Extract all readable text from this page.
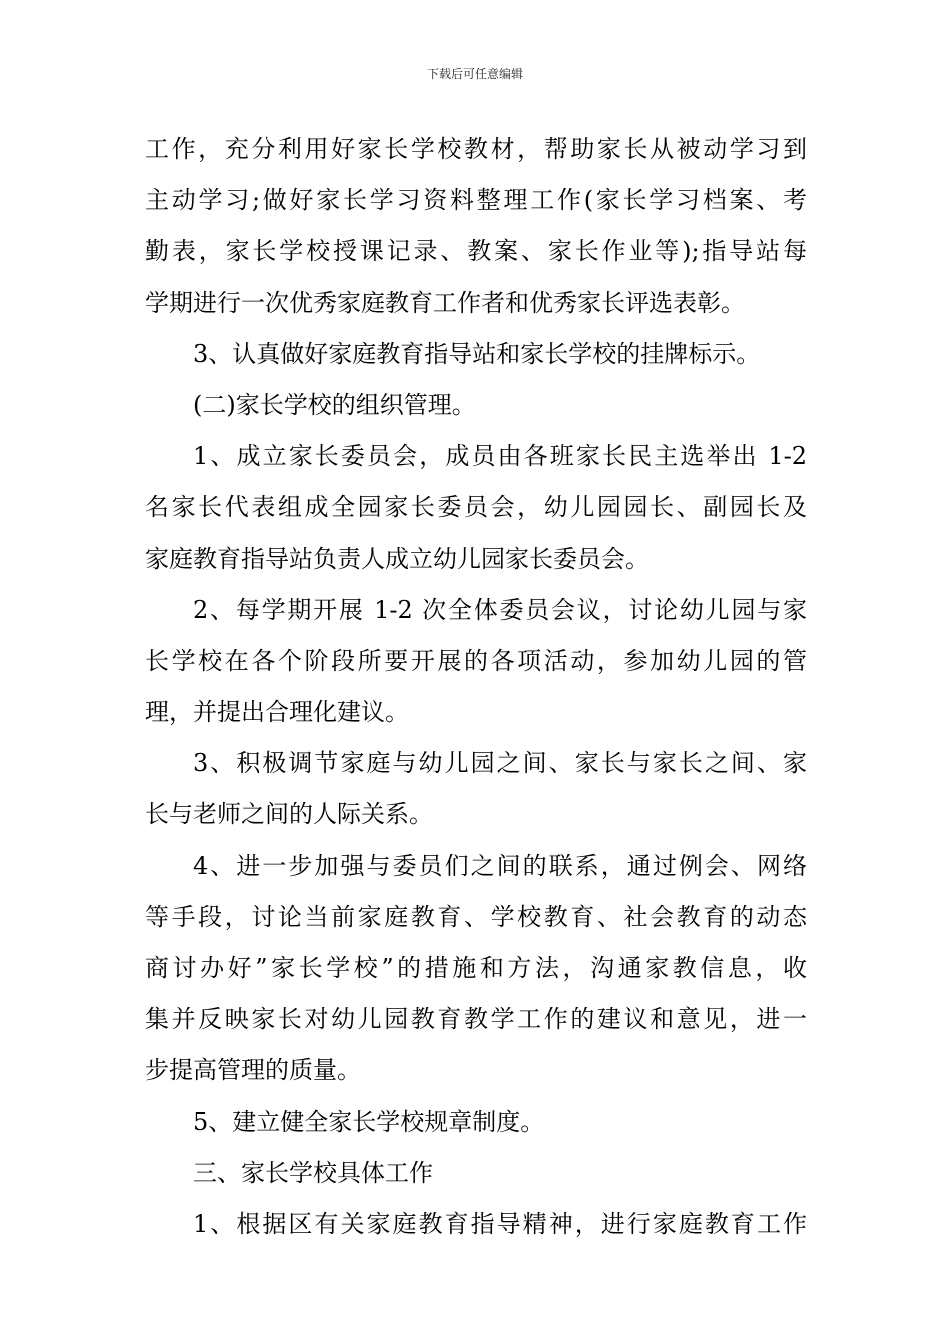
下载后可任意编辑
工作，充分利用好家长学校教材，帮助家长从被动学习到
主动学习;做好家长学习资料整理工作(家长学习档案、考
勤表，家长学校授课记录、教案、家长作业等);指导站每
学期进行一次优秀家庭教育工作者和优秀家长评选表彰。
3、认真做好家庭教育指导站和家长学校的挂牌标示。
(二)家长学校的组织管理。
1、成立家长委员会，成员由各班家长民主选举出 1-2
名家长代表组成全园家长委员会，幼儿园园长、副园长及
家庭教育指导站负责人成立幼儿园家长委员会。
2、每学期开展 1-2 次全体委员会议，讨论幼儿园与家
长学校在各个阶段所要开展的各项活动，参加幼儿园的管
理，并提出合理化建议。
3、积极调节家庭与幼儿园之间、家长与家长之间、家
长与老师之间的人际关系。
4、进一步加强与委员们之间的联系，通过例会、网络
等手段，讨论当前家庭教育、学校教育、社会教育的动态
商讨办好”家长学校”的措施和方法，沟通家教信息，收
集并反映家长对幼儿园教育教学工作的建议和意见，进一
步提高管理的质量。
5、建立健全家长学校规章制度。
三、家长学校具体工作
1、根据区有关家庭教育指导精神，进行家庭教育工作
